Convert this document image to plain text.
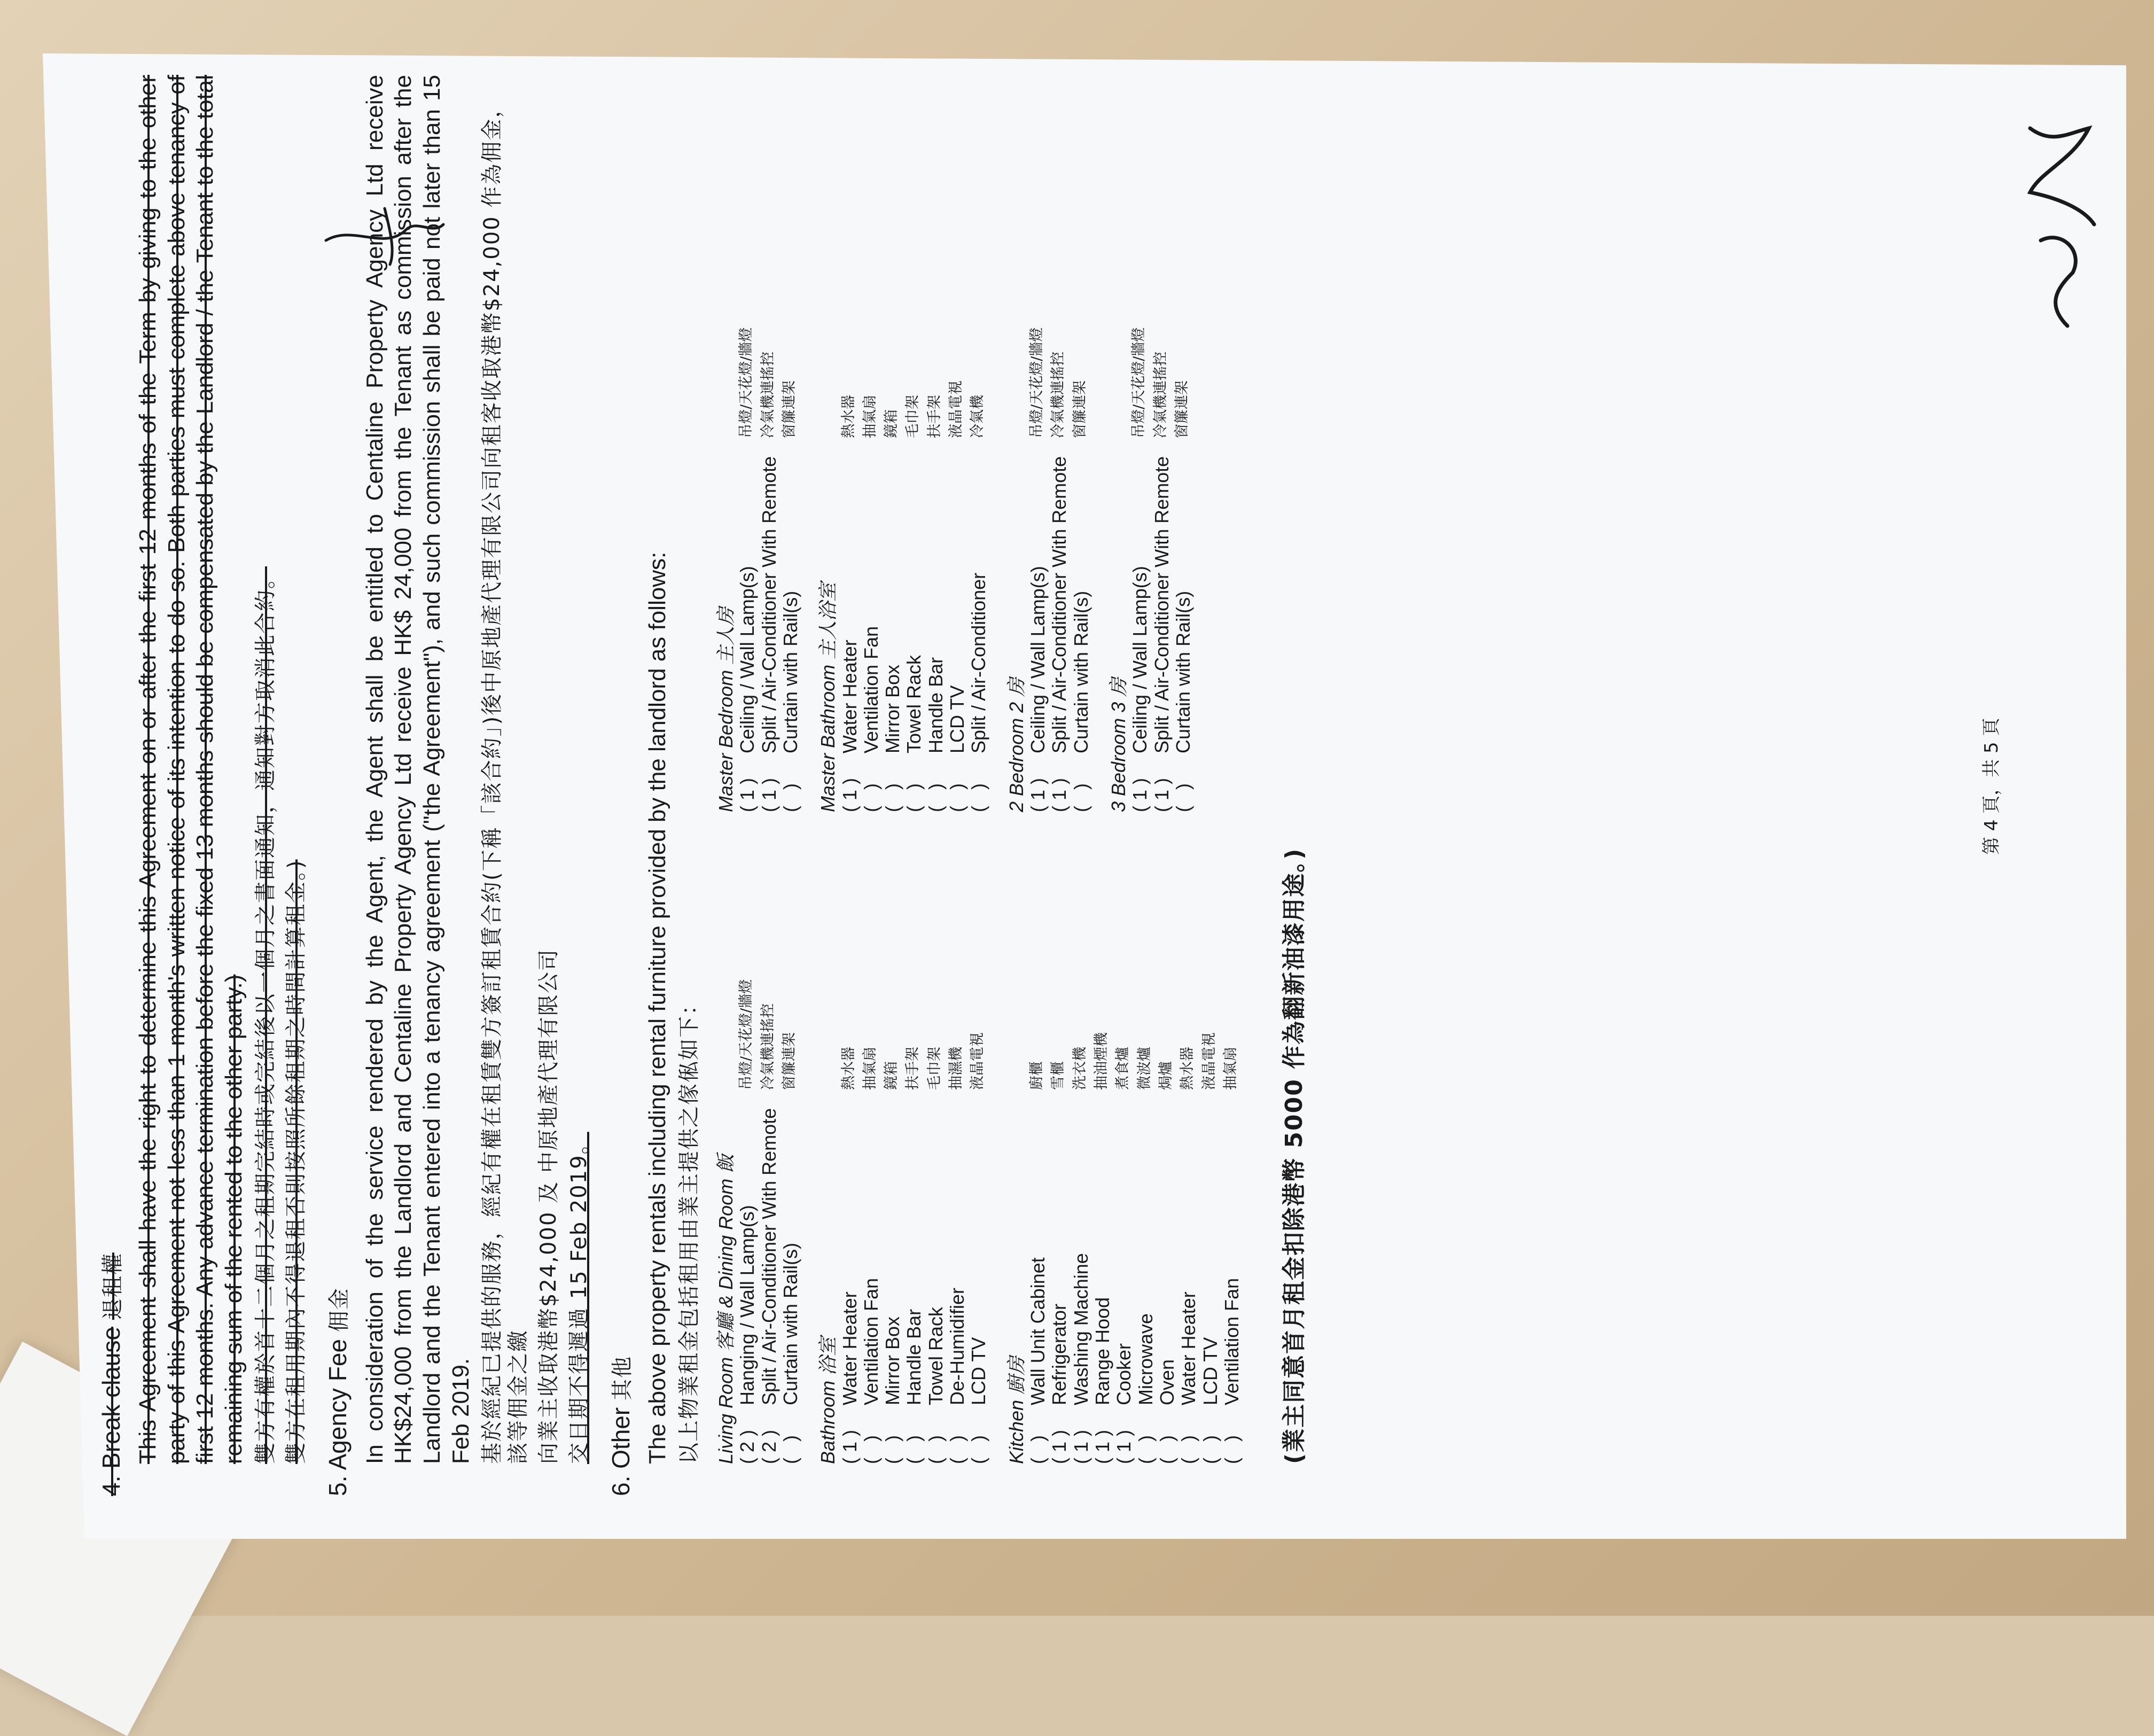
4. Break clause 退租權 This Agreement shall have the right to determine this Agreement on or after the first 12 months of the Term by giving to the other party of this Agreement not less than 1 month's written notice of its intention to do so. Both parties must complete above tenancy of first 12 months. Any advance termination before the fixed 13 months should be compensated by the Landlord / the Tenant to the total remaining sum of the rented to the other party.) 雙方有權於首十二個月之租期完結時或完結後以一個月之書面通知，通知對方取消此合約。 雙方在租用期內不得退租否則按照所餘租期之時間計算租金。) 5. Agency Fee 佣金 In consideration of the service rendered by the Agent, the Agent shall be entitled to Centaline Property Agency Ltd receive HK$24,000 from the Landlord and Centaline Property Agency Ltd receive HK$ 24,000 from the Tenant as commission after the Landlord and the Tenant entered into a tenancy agreement ("the Agreement"), and such commission shall be paid not later than 15 Feb 2019. 基於經紀已提供的服務，經紀有權在租賃雙方簽訂租賃合約(下稱「該合約」)後中原地產代理有限公司向租客收取港幣$24,000 作為佣金，該等佣金之繳 向業主收取港幣$24,000 及 中原地產代理有限公司 交日期不得遲過 15 Feb 2019。 6. Other 其他 The above property rentals including rental furniture provided by the landlord as follows: 以上物業租金包括租用由業主提供之傢俬如下： Living Room 客廳 & Dining Room 飯 ( 2 )
Hanging / Wall Lamp(s)
吊燈/天花燈/牆燈
( 2 )
Split / Air-Conditioner With Remote
冷氣機連搖控
(   )
Curtain with Rail(s)
窗簾連架
Bathroom 浴室 ( 1 )
Water Heater
熱水器
(   )
Ventilation Fan
抽氣扇
(   )
Mirror Box
鏡箱
(   )
Handle Bar
扶手架
(   )
Towel Rack
毛巾架
(   )
De-Humidifier
抽濕機
(   )
LCD TV
液晶電視
Kitchen 廚房 (   )
Wall Unit Cabinet
廚櫃
( 1 )
Refrigerator
雪櫃
( 1 )
Washing Machine
洗衣機
( 1 )
Range Hood
抽油煙機
( 1 )
Cooker
煮食爐
(   )
Microwave
微波爐
(   )
Oven
焗爐
(   )
Water Heater
熱水器
(   )
LCD TV
液晶電視
(   )
Ventilation Fan
抽氣扇
Master Bedroom 主人房 ( 1 )
Ceiling / Wall Lamp(s)
吊燈/天花燈/牆燈
( 1 )
Split / Air-Conditioner With Remote
冷氣機連搖控
(   )
Curtain with Rail(s)
窗簾連架
Master Bathroom 主人浴室 ( 1 )
Water Heater
熱水器
(   )
Ventilation Fan
抽氣扇
(   )
Mirror Box
鏡箱
(   )
Towel Rack
毛巾架
(   )
Handle Bar
扶手架
(   )
LCD TV
液晶電視
(   )
Split / Air-Conditioner
冷氣機
2 Bedroom 2 房 ( 1 )
Ceiling / Wall Lamp(s)
吊燈/天花燈/牆燈
( 1 )
Split / Air-Conditioner With Remote
冷氣機連搖控
(   )
Curtain with Rail(s)
窗簾連架
3 Bedroom 3 房 ( 1 )
Ceiling / Wall Lamp(s)
吊燈/天花燈/牆燈
( 1 )
Split / Air-Conditioner With Remote
冷氣機連搖控
(   )
Curtain with Rail(s)
窗簾連架
(業主同意首月租金扣除港幣 5000 作為翻新油漆用途。)
第 4 頁，共 5 頁
